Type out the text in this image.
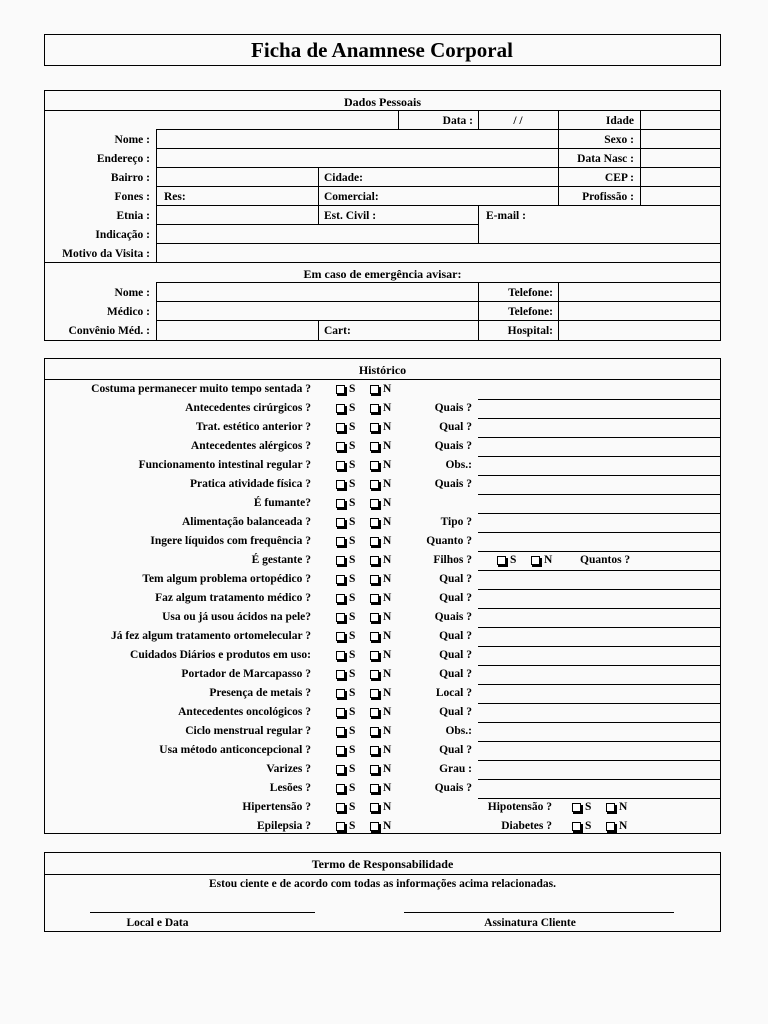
Ficha de Anamnese Corporal
Dados Pessoais
Data :	/ /	Idade
Nome :	Sexo :
Endereço :	Data Nasc :
Bairro :	Cidade:	CEP :
Fones : Res:	Comercial:	Profissão :
Etnia :	Est. Civil :	E-mail :
Indicação :
Motivo da Visita :
Em caso de emergência avisar:
Nome :	Telefone:
Médico :	Telefone:
Convênio Méd. :	Cart:	Hospital:
Histórico
Costuma permanecer muito tempo sentada ?	S N
Antecedentes cirúrgicos ?	S N	Quais ?
Trat. estético anterior ?	S N	Qual ?
Antecedentes alérgicos ?	S N	Quais ?
Funcionamento intestinal regular ?	S N	Obs.:
Pratica atividade física ?	S N	Quais ?
É fumante?	S N
Alimentação balanceada ?	S N	Tipo ?
Ingere líquidos com frequência ?	S N	Quanto ?
É gestante ?	S N	Filhos ?	S N Quantos ?
Tem algum problema ortopédico ?	S N	Qual ?
Faz algum tratamento médico ?	S N	Qual ?
Usa ou já usou ácidos na pele?	S N	Quais ?
Já fez algum tratamento ortomelecular ?	S N	Qual ?
Cuidados Diários e produtos em uso:	S N	Qual ?
Portador de Marcapasso ?	S N	Qual ?
Presença de metais ?	S N	Local ?
Antecedentes oncológicos ?	S N	Qual ?
Ciclo menstrual regular ?	S N	Obs.:
Usa método anticoncepcional ?	S N	Qual ?
Varizes ?	S N	Grau :
Lesões ?	S N	Quais ?
Hipertensão ?	S N	Hipotensão ?	S N
Epilepsia ?	S N	Diabetes ?	S N
Termo de Responsabilidade
Estou ciente e de acordo com todas as informações acima relacionadas.
Local e Data	Assinatura Cliente
